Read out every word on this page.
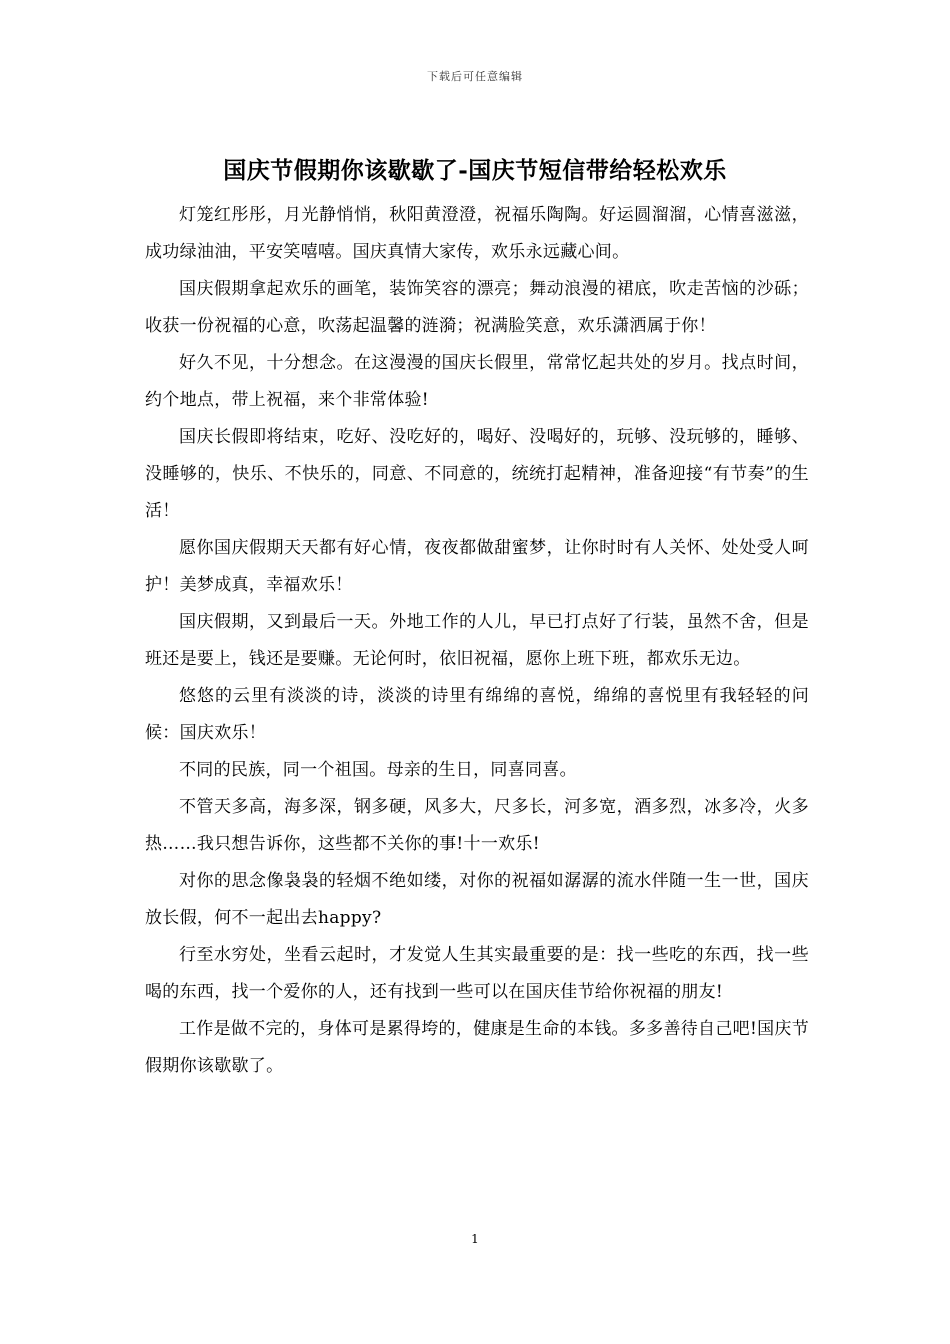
下载后可任意编辑
国庆节假期你该歇歇了-国庆节短信带给轻松欢乐

灯笼红彤彤，月光静悄悄，秋阳黄澄澄，祝福乐陶陶。好运圆溜溜，心情喜滋滋，成功绿油油，平安笑嘻嘻。国庆真情大家传，欢乐永远藏心间。

国庆假期拿起欢乐的画笔，装饰笑容的漂亮；舞动浪漫的裙底，吹走苦恼的沙砾；收获一份祝福的心意，吹荡起温馨的涟漪；祝满脸笑意，欢乐潇洒属于你！

好久不见，十分想念。在这漫漫的国庆长假里，常常忆起共处的岁月。找点时间，约个地点，带上祝福，来个非常体验!

国庆长假即将结束，吃好、没吃好的，喝好、没喝好的，玩够、没玩够的，睡够、没睡够的，快乐、不快乐的，同意、不同意的，统统打起精神，准备迎接“有节奏”的生活！

愿你国庆假期天天都有好心情，夜夜都做甜蜜梦，让你时时有人关怀、处处受人呵护！美梦成真，幸福欢乐！

国庆假期，又到最后一天。外地工作的人儿，早已打点好了行装，虽然不舍，但是班还是要上，钱还是要赚。无论何时，依旧祝福，愿你上班下班，都欢乐无边。

悠悠的云里有淡淡的诗，淡淡的诗里有绵绵的喜悦，绵绵的喜悦里有我轻轻的问候：国庆欢乐！

不同的民族，同一个祖国。母亲的生日，同喜同喜。

不管天多高，海多深，钢多硬，风多大，尺多长，河多宽，酒多烈，冰多冷，火多热……我只想告诉你，这些都不关你的事!十一欢乐!

对你的思念像袅袅的轻烟不绝如缕，对你的祝福如潺潺的流水伴随一生一世，国庆放长假，何不一起出去happy?

行至水穷处，坐看云起时，才发觉人生其实最重要的是：找一些吃的东西，找一些喝的东西，找一个爱你的人，还有找到一些可以在国庆佳节给你祝福的朋友!

工作是做不完的，身体可是累得垮的，健康是生命的本钱。多多善待自己吧!国庆节假期你该歇歇了。

1
